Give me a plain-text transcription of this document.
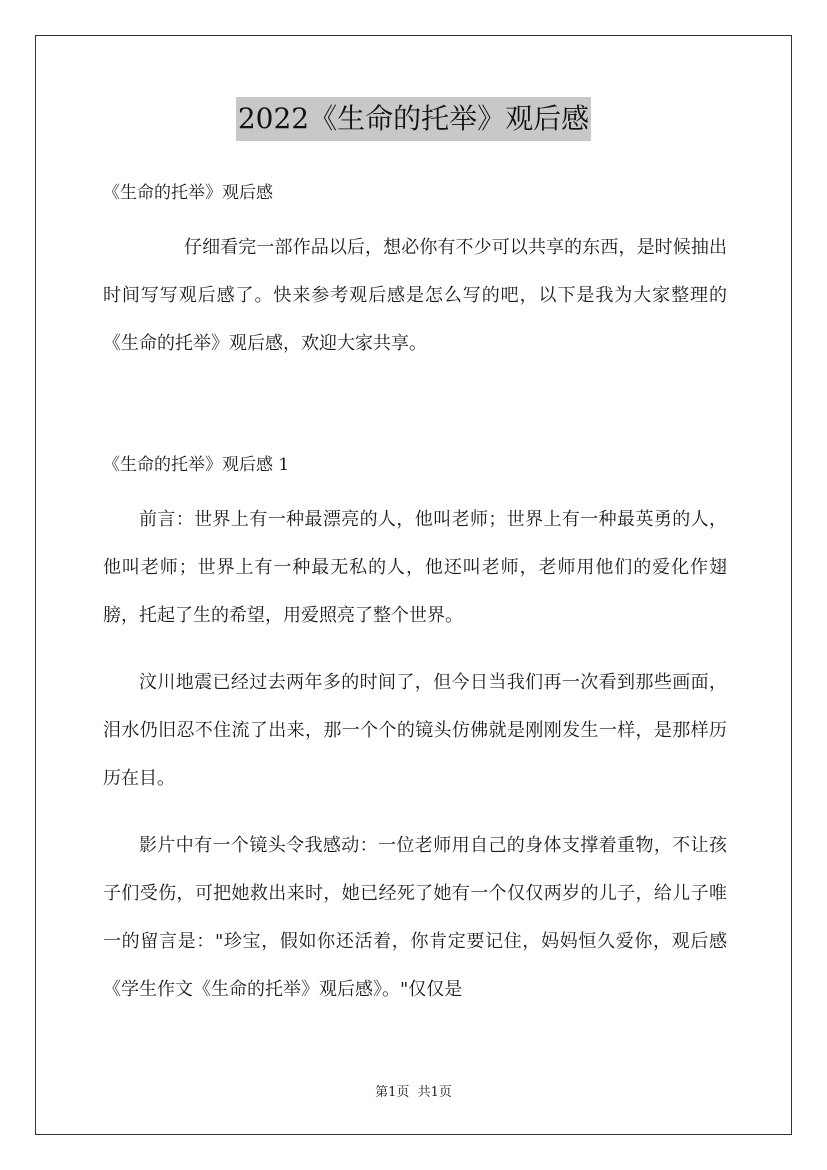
2022《生命的托举》观后感
《生命的托举》观后感

仔细看完一部作品以后，想必你有不少可以共享的东西，是时候抽出时间写写观后感了。快来参考观后感是怎么写的吧，以下是我为大家整理的《生命的托举》观后感，欢迎大家共享。

《生命的托举》观后感 1

前言：世界上有一种最漂亮的人，他叫老师；世界上有一种最英勇的人，他叫老师；世界上有一种最无私的人，他还叫老师，老师用他们的爱化作翅膀，托起了生的希望，用爱照亮了整个世界。

汶川地震已经过去两年多的时间了，但今日当我们再一次看到那些画面，泪水仍旧忍不住流了出来，那一个个的镜头仿佛就是刚刚发生一样，是那样历历在目。

影片中有一个镜头令我感动：一位老师用自己的身体支撑着重物，不让孩子们受伤，可把她救出来时，她已经死了她有一个仅仅两岁的儿子，给儿子唯一的留言是："珍宝，假如你还活着，你肯定要记住，妈妈恒久爱你，观后感《学生作文《生命的托举》观后感》。"仅仅是

第1页  共1页
